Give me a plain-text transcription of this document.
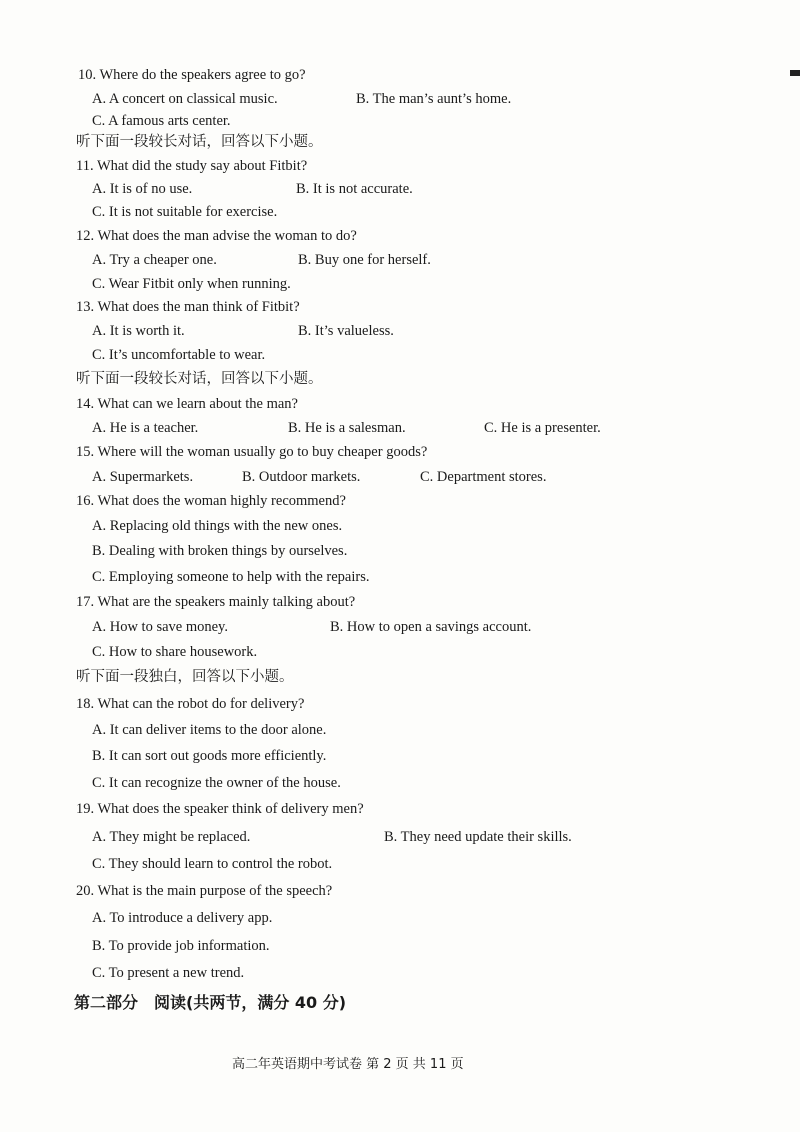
10. Where do the speakers agree to go?
A. A concert on classical music.	B. The man’s aunt’s home.
C. A famous arts center.
听下面一段较长对话，回答以下小题。
11. What did the study say about Fitbit?
A. It is of no use.	B. It is not accurate.
C. It is not suitable for exercise.
12. What does the man advise the woman to do?
A. Try a cheaper one.	B. Buy one for herself.
C. Wear Fitbit only when running.
13. What does the man think of Fitbit?
A. It is worth it.	B. It’s valueless.
C. It’s uncomfortable to wear.
听下面一段较长对话，回答以下小题。
14. What can we learn about the man?
A. He is a teacher.	B. He is a salesman.	C. He is a presenter.
15. Where will the woman usually go to buy cheaper goods?
A. Supermarkets.	B. Outdoor markets.	C. Department stores.
16. What does the woman highly recommend?
A. Replacing old things with the new ones.
B. Dealing with broken things by ourselves.
C. Employing someone to help with the repairs.
17. What are the speakers mainly talking about?
A. How to save money.	B. How to open a savings account.
C. How to share housework.
听下面一段独白，回答以下小题。
18. What can the robot do for delivery?
A. It can deliver items to the door alone.
B. It can sort out goods more efficiently.
C. It can recognize the owner of the house.
19. What does the speaker think of delivery men?
A. They might be replaced.	B. They need update their skills.
C. They should learn to control the robot.
20. What is the main purpose of the speech?
A. To introduce a delivery app.
B. To provide job information.
C. To present a new trend.
第二部分　阅读(共两节，满分 40 分)
高二年英语期中考试卷 第 2 页 共 11 页
